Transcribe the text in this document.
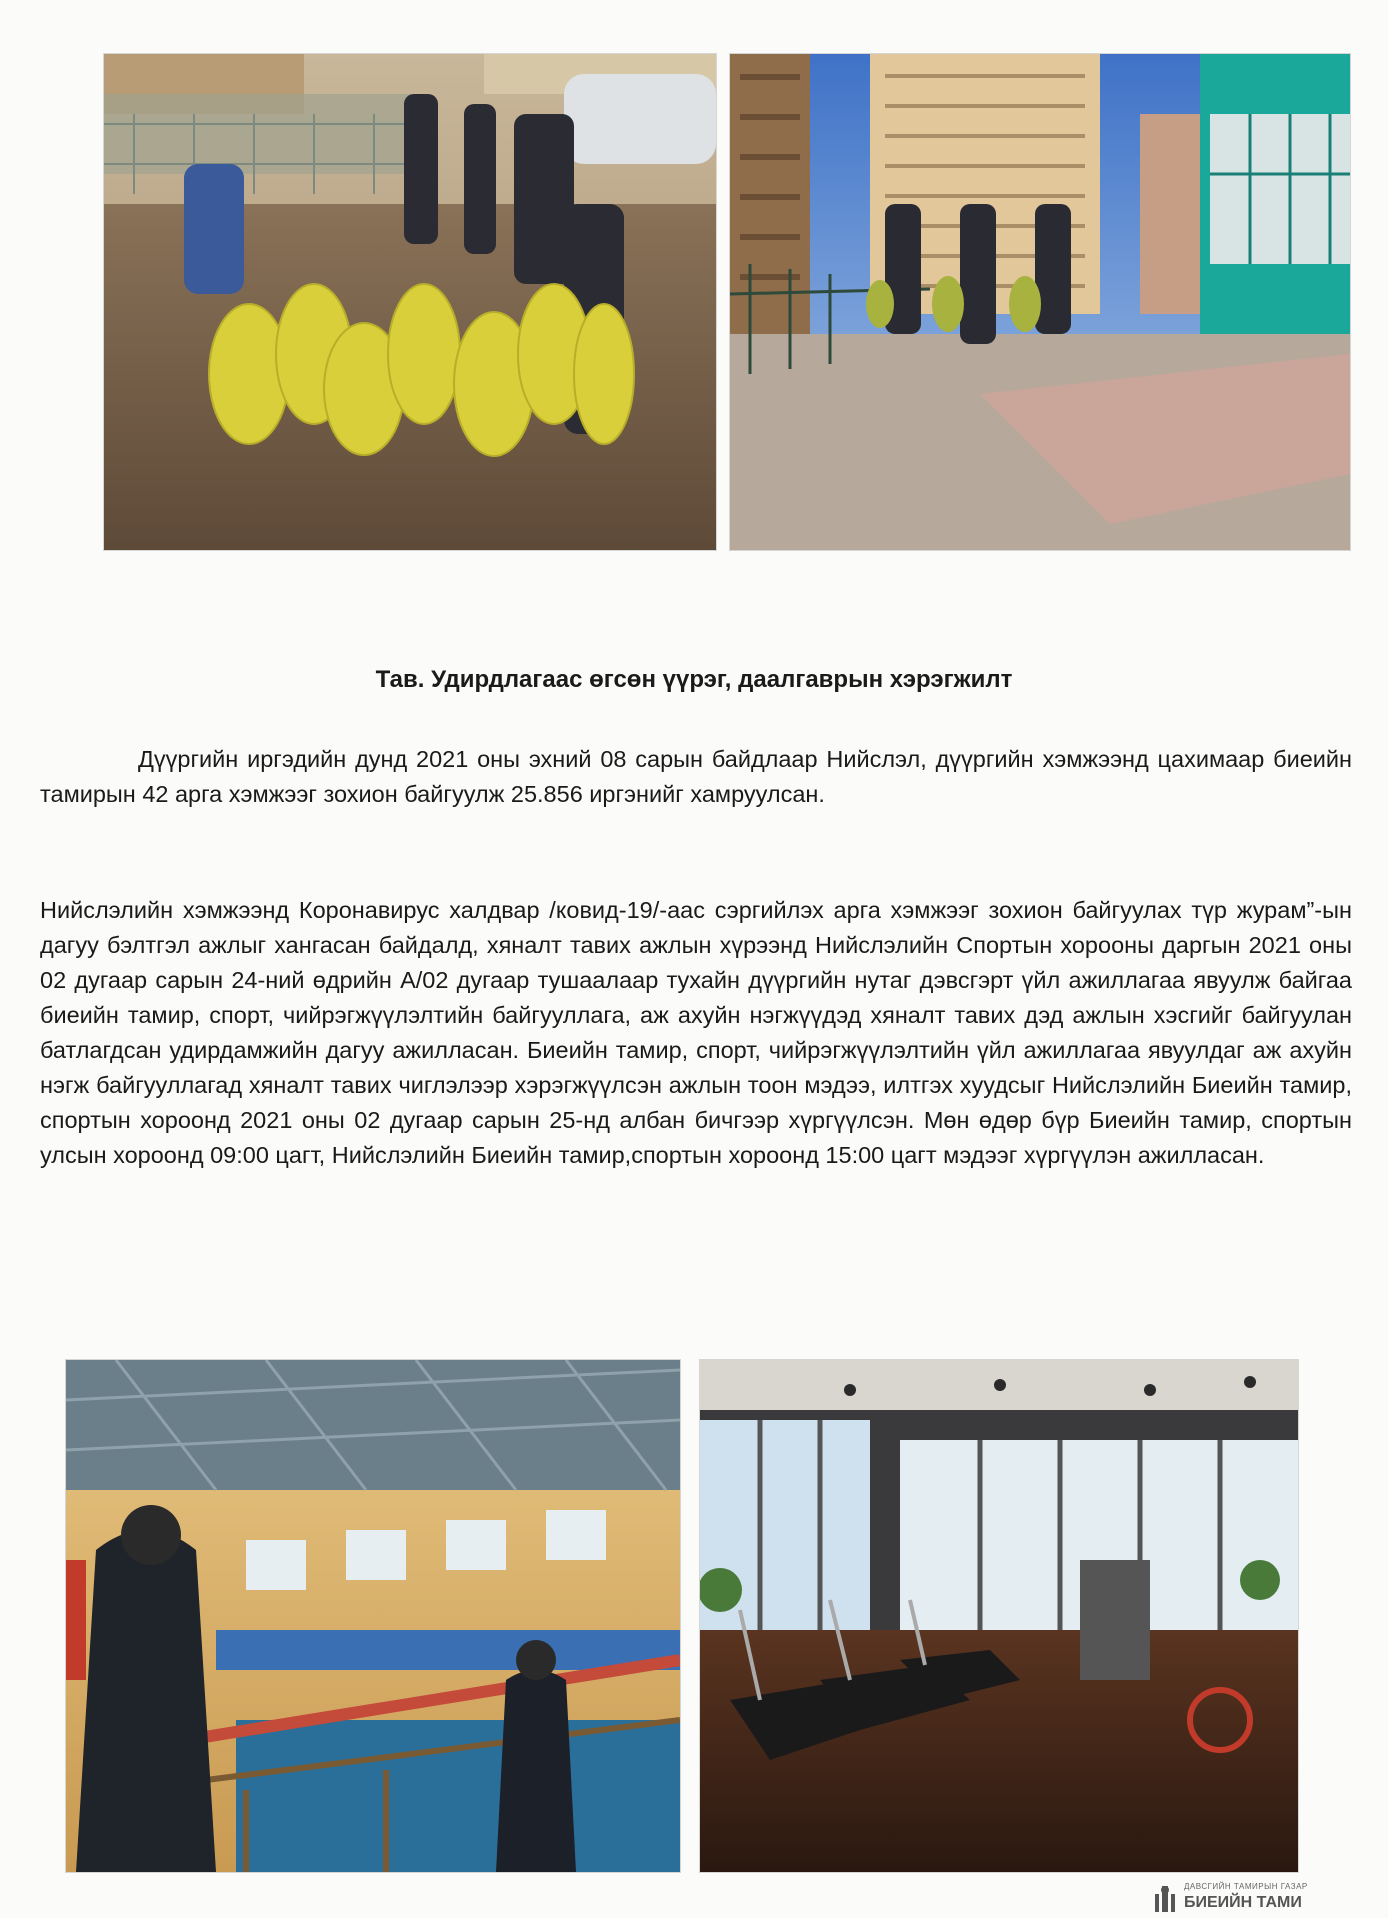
Тав. Удирдлагаас өгсөн үүрэг, даалгаврын хэрэгжилт

Дүүргийн иргэдийн дунд 2021 оны эхний 08 сарын байдлаар Нийслэл, дүүргийн хэмжээнд цахимаар биеийн тамирын 42 арга хэмжээг зохион байгуулж 25.856 иргэнийг хамруулсан.

Нийслэлийн хэмжээнд Коронавирус халдвар /ковид-19/-аас сэргийлэх арга хэмжээг зохион байгуулах түр журам”-ын дагуу бэлтгэл ажлыг хангасан байдалд, хяналт тавих ажлын хүрээнд Нийслэлийн Спортын хорооны даргын 2021 оны 02 дугаар сарын 24-ний өдрийн А/02 дугаар тушаалаар тухайн дүүргийн нутаг дэвсгэрт үйл ажиллагаа явуулж байгаа биеийн тамир, спорт, чийрэгжүүлэлтийн байгууллага, аж ахуйн нэгжүүдэд хяналт тавих дэд ажлын хэсгийг байгуулан батлагдсан удирдамжийн дагуу ажилласан. Биеийн тамир, спорт, чийрэгжүүлэлтийн үйл ажиллагаа явуулдаг аж ахуйн нэгж байгууллагад хяналт тавих чиглэлээр хэрэгжүүлсэн ажлын тоон мэдээ, илтгэх хуудсыг Нийслэлийн Биеийн тамир, спортын хороонд 2021 оны 02 дугаар сарын 25-нд албан бичгээр хүргүүлсэн. Мөн өдөр бүр Биеийн тамир, спортын улсын хороонд 09:00 цагт, Нийслэлийн Биеийн тамир,спортын хороонд 15:00 цагт мэдээг хүргүүлэн ажилласан.

ДАВСГИЙН ТАМИРЫН ГАЗАР
БИЕИЙН ТАМИ
